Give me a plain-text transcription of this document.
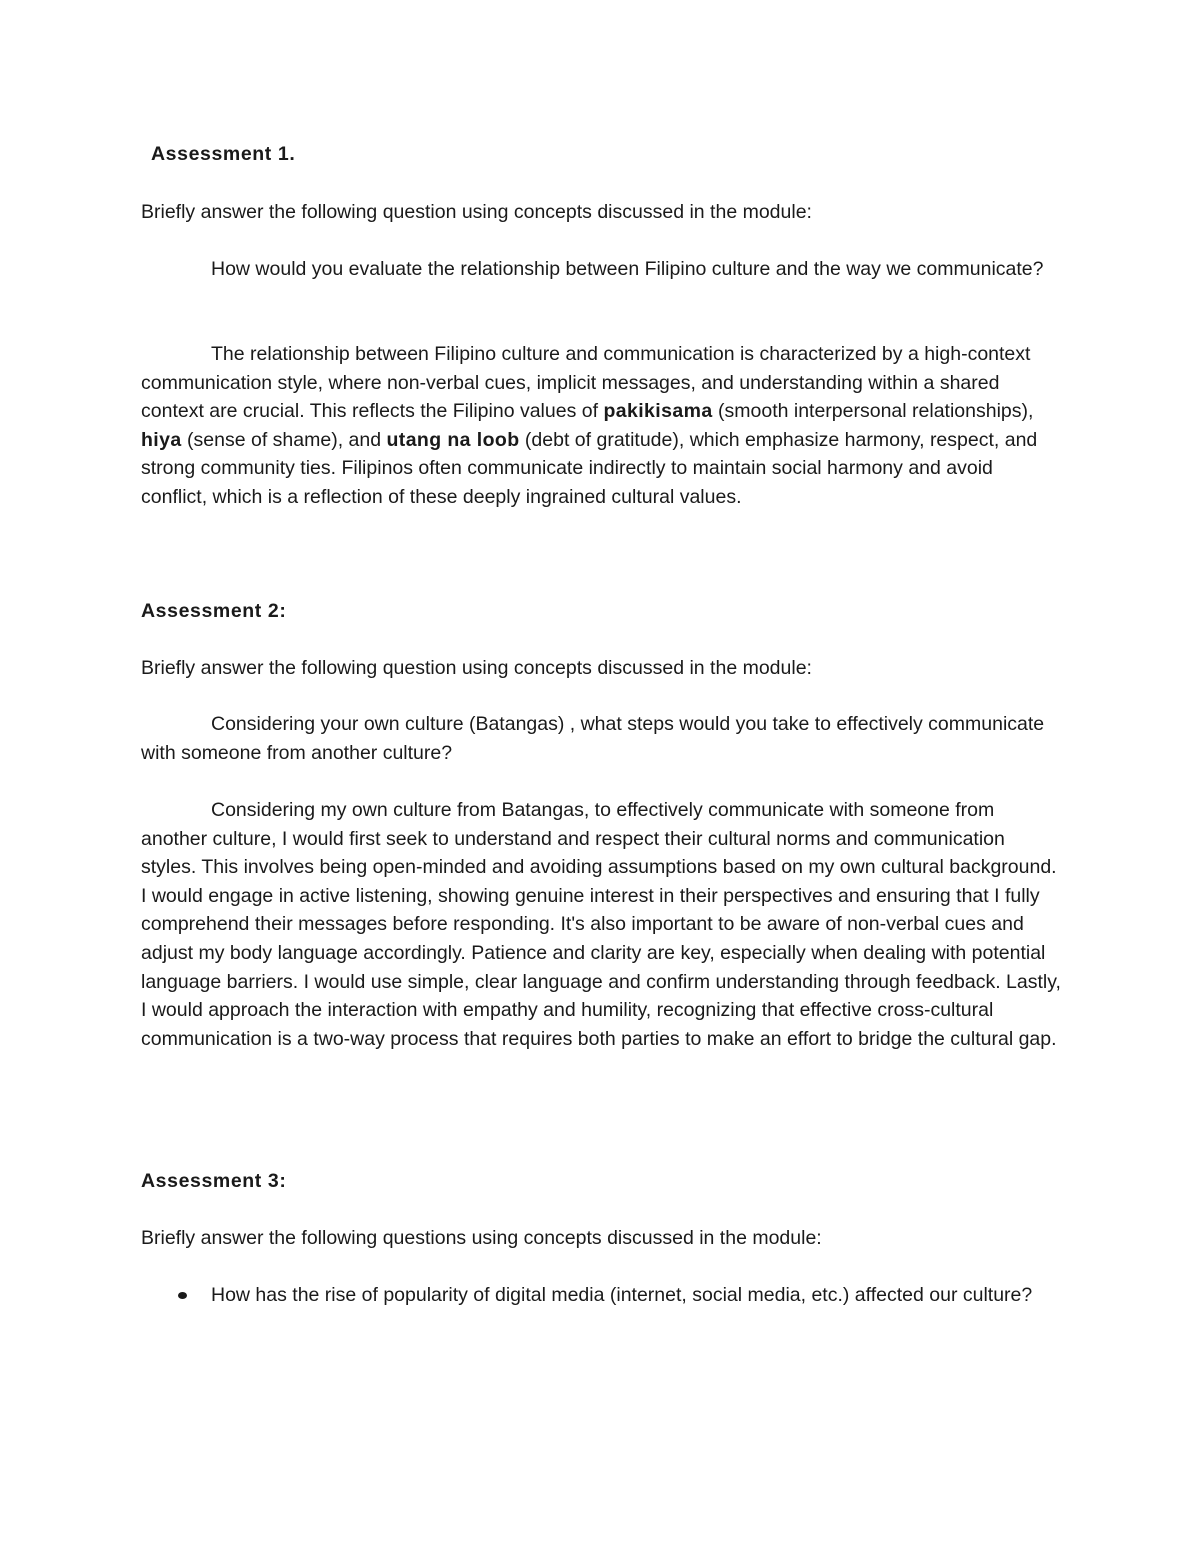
Assessment 1.

Briefly answer the following question using concepts discussed in the module:

How would you evaluate the relationship between Filipino culture and the way we communicate?

The relationship between Filipino culture and communication is characterized by a high-context communication style, where non-verbal cues, implicit messages, and understanding within a shared context are crucial. This reflects the Filipino values of pakikisama (smooth interpersonal relationships), hiya (sense of shame), and utang na loob (debt of gratitude), which emphasize harmony, respect, and strong community ties. Filipinos often communicate indirectly to maintain social harmony and avoid conflict, which is a reflection of these deeply ingrained cultural values.

Assessment 2:

Briefly answer the following question using concepts discussed in the module:

Considering your own culture (Batangas) , what steps would you take to effectively communicate with someone from another culture?

Considering my own culture from Batangas, to effectively communicate with someone from another culture, I would first seek to understand and respect their cultural norms and communication styles. This involves being open-minded and avoiding assumptions based on my own cultural background. I would engage in active listening, showing genuine interest in their perspectives and ensuring that I fully comprehend their messages before responding. It's also important to be aware of non-verbal cues and adjust my body language accordingly. Patience and clarity are key, especially when dealing with potential language barriers. I would use simple, clear language and confirm understanding through feedback. Lastly, I would approach the interaction with empathy and humility, recognizing that effective cross-cultural communication is a two-way process that requires both parties to make an effort to bridge the cultural gap.

Assessment 3:

Briefly answer the following questions using concepts discussed in the module:

How has the rise of popularity of digital media (internet, social media, etc.) affected our culture?
